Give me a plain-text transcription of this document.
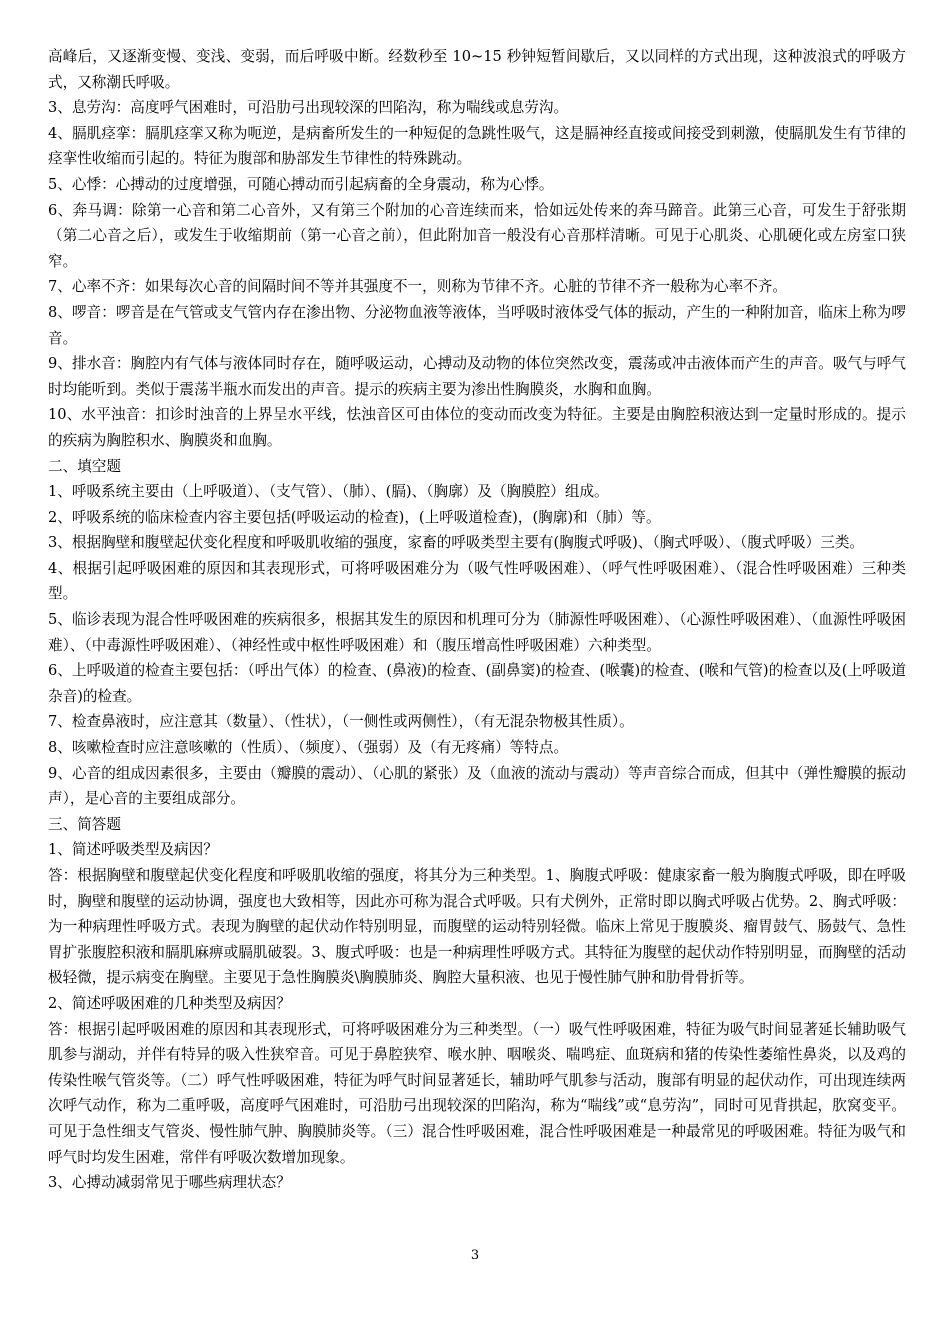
高峰后，又逐渐变慢、变浅、变弱，而后呼吸中断。经数秒至 10~15 秒钟短暂间歇后，又以同样的方式出现，这种波浪式的呼吸方式，又称潮氏呼吸。

3、息劳沟：高度呼气困难时，可沿肋弓出现较深的凹陷沟，称为喘线或息劳沟。

4、膈肌痉挛：膈肌痉挛又称为呃逆，是病畜所发生的一种短促的急跳性吸气，这是膈神经直接或间接受到刺激，使膈肌发生有节律的痉挛性收缩而引起的。特征为腹部和胁部发生节律性的特殊跳动。

5、心悸：心搏动的过度增强，可随心搏动而引起病畜的全身震动，称为心悸。

6、奔马调：除第一心音和第二心音外，又有第三个附加的心音连续而来，恰如远处传来的奔马蹄音。此第三心音，可发生于舒张期（第二心音之后），或发生于收缩期前（第一心音之前），但此附加音一般没有心音那样清晰。可见于心肌炎、心肌硬化或左房室口狭窄。

7、心率不齐：如果每次心音的间隔时间不等并其强度不一，则称为节律不齐。心脏的节律不齐一般称为心率不齐。

8、啰音：啰音是在气管或支气管内存在渗出物、分泌物血液等液体，当呼吸时液体受气体的振动，产生的一种附加音，临床上称为啰音。

9、排水音：胸腔内有气体与液体同时存在，随呼吸运动，心搏动及动物的体位突然改变，震荡或冲击液体而产生的声音。吸气与呼气时均能听到。类似于震荡半瓶水而发出的声音。提示的疾病主要为渗出性胸膜炎，水胸和血胸。

10、水平浊音：扣诊时浊音的上界呈水平线，怯浊音区可由体位的变动而改变为特征。主要是由胸腔积液达到一定量时形成的。提示的疾病为胸腔积水、胸膜炎和血胸。

二、填空题

1、呼吸系统主要由（上呼吸道）、（支气管）、（肺）、(膈)、（胸廓）及（胸膜腔）组成。

2、呼吸系统的临床检查内容主要包括(呼吸运动的检查)，(上呼吸道检查)，(胸廓)和（肺）等。

3、根据胸壁和腹壁起伏变化程度和呼吸肌收缩的强度，家畜的呼吸类型主要有(胸腹式呼吸)、（胸式呼吸）、（腹式呼吸）三类。

4、根据引起呼吸困难的原因和其表现形式，可将呼吸困难分为（吸气性呼吸困难）、（呼气性呼吸困难）、（混合性呼吸困难）三种类型。

5、临诊表现为混合性呼吸困难的疾病很多，根据其发生的原因和机理可分为（肺源性呼吸困难）、（心源性呼吸困难）、（血源性呼吸困难）、（中毒源性呼吸困难）、（神经性或中枢性呼吸困难）和（腹压增高性呼吸困难）六种类型。

6、上呼吸道的检查主要包括：（呼出气体）的检查、(鼻液)的检查、(副鼻窦)的检查、(喉囊)的检查、(喉和气管)的检查以及(上呼吸道杂音)的检查。

7、检查鼻液时，应注意其（数量）、（性状），（一侧性或两侧性），（有无混杂物极其性质）。

8、咳嗽检查时应注意咳嗽的（性质）、（频度）、（强弱）及（有无疼痛）等特点。

9、心音的组成因素很多，主要由（瓣膜的震动）、（心肌的紧张）及（血液的流动与震动）等声音综合而成，但其中（弹性瓣膜的振动声），是心音的主要组成部分。

三、简答题

1、简述呼吸类型及病因？

答：根据胸壁和腹壁起伏变化程度和呼吸肌收缩的强度，将其分为三种类型。1、胸腹式呼吸：健康家畜一般为胸腹式呼吸，即在呼吸时，胸壁和腹壁的运动协调，强度也大致相等，因此亦可称为混合式呼吸。只有犬例外，正常时即以胸式呼吸占优势。2、胸式呼吸：为一种病理性呼吸方式。表现为胸壁的起伏动作特别明显，而腹壁的运动特别轻微。临床上常见于腹膜炎、瘤胃鼓气、肠鼓气、急性胃扩张腹腔积液和膈肌麻痹或膈肌破裂。3、腹式呼吸：也是一种病理性呼吸方式。其特征为腹壁的起伏动作特别明显，而胸壁的活动极轻微，提示病变在胸壁。主要见于急性胸膜炎\胸膜肺炎、胸腔大量积液、也见于慢性肺气肿和肋骨骨折等。

2、简述呼吸困难的几种类型及病因？

答：根据引起呼吸困难的原因和其表现形式，可将呼吸困难分为三种类型。（一）吸气性呼吸困难，特征为吸气时间显著延长辅助吸气肌参与湖动，并伴有特异的吸入性狭窄音。可见于鼻腔狭窄、喉水肿、咽喉炎、喘鸣症、血斑病和猪的传染性萎缩性鼻炎，以及鸡的传染性喉气管炎等。（二）呼气性呼吸困难，特征为呼气时间显著延长，辅助呼气肌参与活动，腹部有明显的起伏动作，可出现连续两次呼气动作，称为二重呼吸，高度呼气困难时，可沿肋弓出现较深的凹陷沟，称为“喘线”或“息劳沟”，同时可见背拱起，肷窝变平。可见于急性细支气管炎、慢性肺气肿、胸膜肺炎等。（三）混合性呼吸困难，混合性呼吸困难是一种最常见的呼吸困难。特征为吸气和呼气时均发生困难，常伴有呼吸次数增加现象。

3、心搏动减弱常见于哪些病理状态？

3
